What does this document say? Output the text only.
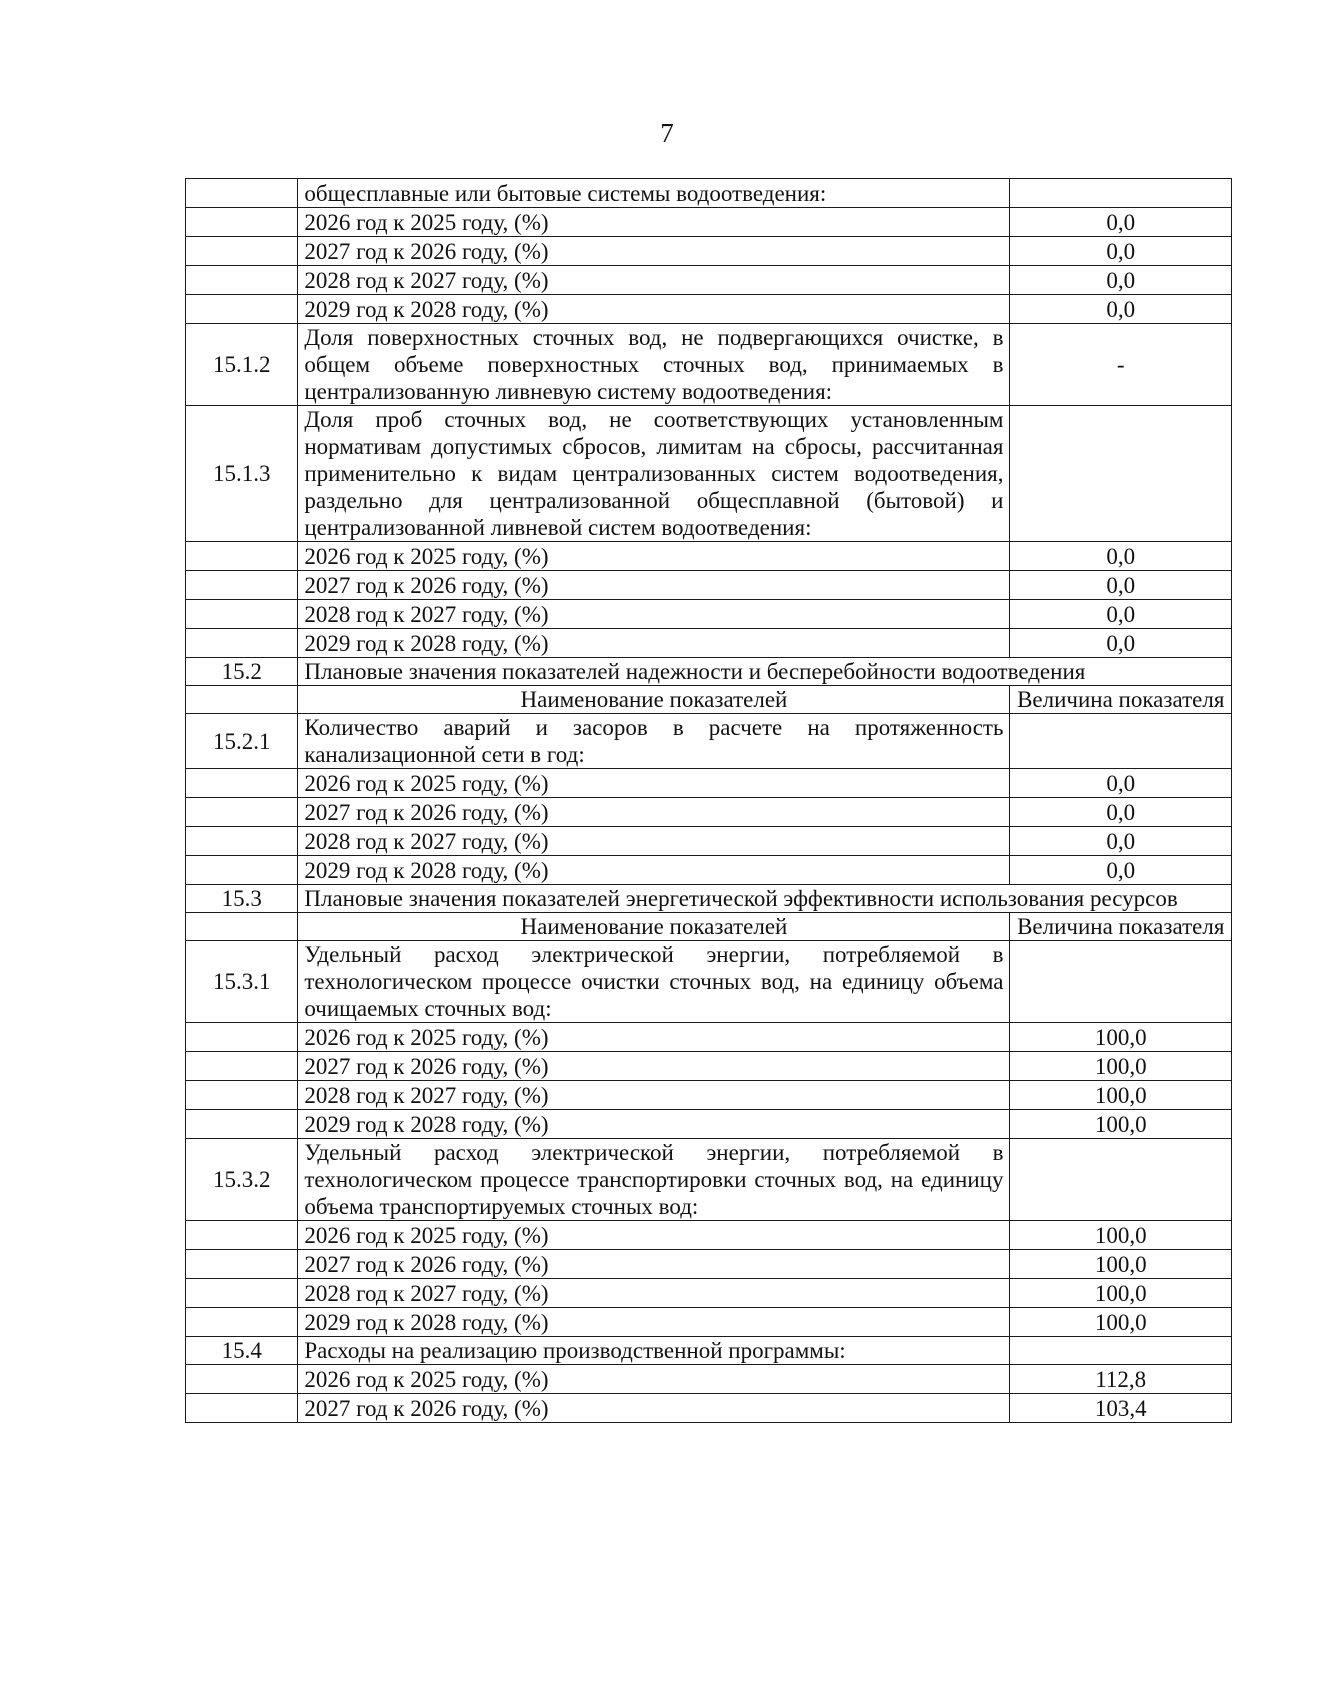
7
	общесплавные или бытовые системы водоотведения:	
	2026 год к 2025 году, (%)	0,0
	2027 год к 2026 году, (%)	0,0
	2028 год к 2027 году, (%)	0,0
	2029 год к 2028 году, (%)	0,0
15.1.2	Доля поверхностных сточных вод, не подвергающихся очистке, в общем объеме поверхностных сточных вод, принимаемых в централизованную ливневую систему водоотведения:	-
15.1.3	Доля проб сточных вод, не соответствующих установленным нормативам допустимых сбросов, лимитам на сбросы, рассчитанная применительно к видам централизованных систем водоотведения, раздельно для централизованной общесплавной (бытовой) и централизованной ливневой систем водоотведения:	
	2026 год к 2025 году, (%)	0,0
	2027 год к 2026 году, (%)	0,0
	2028 год к 2027 году, (%)	0,0
	2029 год к 2028 году, (%)	0,0
15.2	Плановые значения показателей надежности и бесперебойности водоотведения	
	Наименование показателей	Величина показателя
15.2.1	Количество аварий и засоров в расчете на протяженность канализационной сети в год:	
	2026 год к 2025 году, (%)	0,0
	2027 год к 2026 году, (%)	0,0
	2028 год к 2027 году, (%)	0,0
	2029 год к 2028 году, (%)	0,0
15.3	Плановые значения показателей энергетической эффективности использования ресурсов	
	Наименование показателей	Величина показателя
15.3.1	Удельный расход электрической энергии, потребляемой в технологическом процессе очистки сточных вод, на единицу объема очищаемых сточных вод:	
	2026 год к 2025 году, (%)	100,0
	2027 год к 2026 году, (%)	100,0
	2028 год к 2027 году, (%)	100,0
	2029 год к 2028 году, (%)	100,0
15.3.2	Удельный расход электрической энергии, потребляемой в технологическом процессе транспортировки сточных вод, на единицу объема транспортируемых сточных вод:	
	2026 год к 2025 году, (%)	100,0
	2027 год к 2026 году, (%)	100,0
	2028 год к 2027 году, (%)	100,0
	2029 год к 2028 году, (%)	100,0
15.4	Расходы на реализацию производственной программы:	
	2026 год к 2025 году, (%)	112,8
	2027 год к 2026 году, (%)	103,4
